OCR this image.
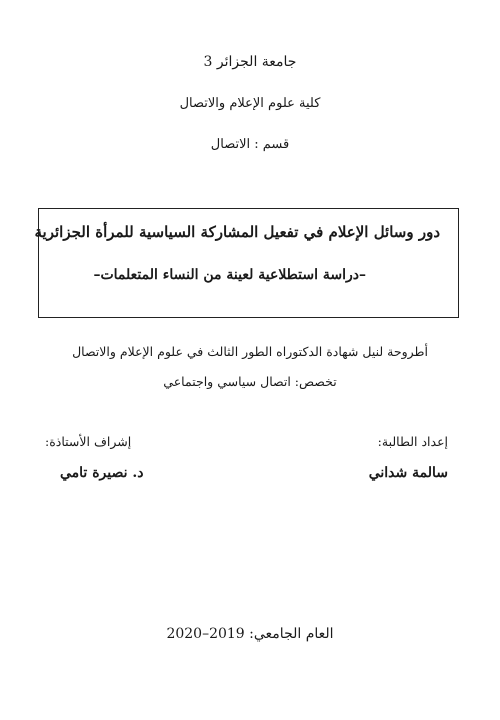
جامعة الجزائر 3
كلية علوم الإعلام والاتصال
قسم : الاتصال
دور وسائل الإعلام في تفعيل المشاركة السياسية للمرأة الجزائرية
–دراسة استطلاعية لعينة من النساء المتعلمات–
أطروحة لنيل شهادة الدكتوراه الطور الثالث في علوم الإعلام والاتصال
تخصص: اتصال سياسي واجتماعي
إعداد الطالبة:
سالمة شداني
إشراف الأستاذة:
د. نصيرة تامي
العام الجامعي: 2019–2020
